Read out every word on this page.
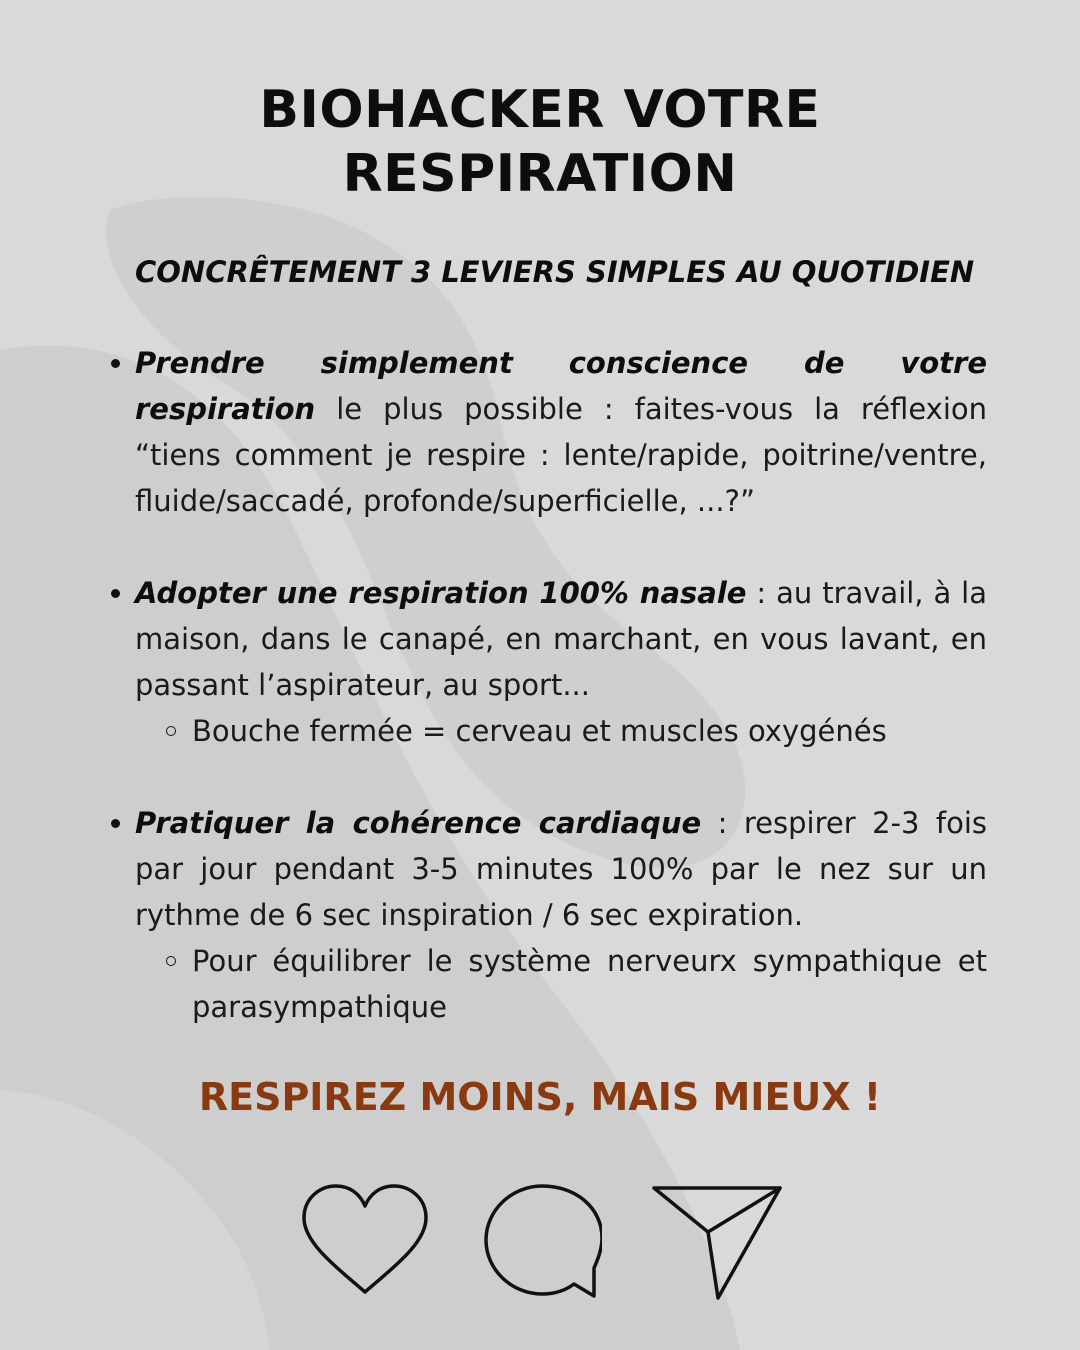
BIOHACKER VOTRE
RESPIRATION

CONCRÊTEMENT 3 LEVIERS SIMPLES AU QUOTIDIEN

Prendre simplement conscience de votre respiration le plus possible : faites-vous la réflexion “tiens comment je respire : lente/rapide, poitrine/ventre, fluide/saccadé, profonde/superficielle, ...?”
Adopter une respiration 100% nasale : au travail, à la maison, dans le canapé, en marchant, en vous lavant, en passant l’aspirateur, au sport...
Bouche fermée = cerveau et muscles oxygénés
Pratiquer la cohérence cardiaque : respirer 2-3 fois par jour pendant 3-5 minutes 100% par le nez sur un rythme de 6 sec inspiration / 6 sec expiration.
Pour équilibrer le système nerveurx sympathique et parasympathique

RESPIREZ MOINS, MAIS MIEUX !
